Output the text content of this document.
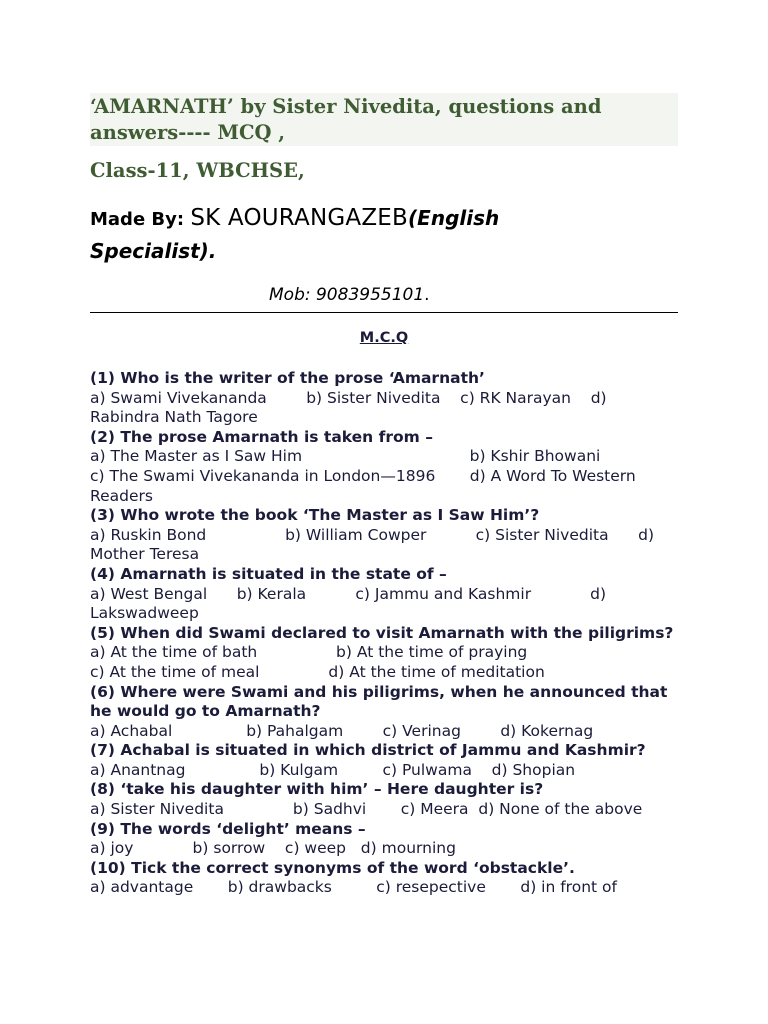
‘AMARNATH’ by Sister Nivedita, questions and answers---- MCQ ,
Class-11, WBCHSE,
Made By: SK AOURANGAZEB(English
Specialist).
Mob: 9083955101.
M.C.Q
(1) Who is the writer of the prose ‘Amarnath’
a) Swami Vivekananda        b) Sister Nivedita    c) RK Narayan    d)
Rabindra Nath Tagore
(2) The prose Amarnath is taken from –
a) The Master as I Saw Him                                  b) Kshir Bhowani
c) The Swami Vivekananda in London—1896       d) A Word To Western
Readers
(3) Who wrote the book ‘The Master as I Saw Him’?
a) Ruskin Bond                b) William Cowper          c) Sister Nivedita      d)
Mother Teresa
(4) Amarnath is situated in the state of –
a) West Bengal      b) Kerala          c) Jammu and Kashmir            d)
Lakswadweep
(5) When did Swami declared to visit Amarnath with the piligrims?
a) At the time of bath                b) At the time of praying
c) At the time of meal              d) At the time of meditation
(6) Where were Swami and his piligrims, when he announced that he would go to Amarnath?
a) Achabal               b) Pahalgam        c) Verinag        d) Kokernag
(7) Achabal is situated in which district of Jammu and Kashmir?
a) Anantnag               b) Kulgam         c) Pulwama    d) Shopian
(8) ‘take his daughter with him’ – Here daughter is?
a) Sister Nivedita              b) Sadhvi       c) Meera  d) None of the above
(9) The words ‘delight’ means –
a) joy            b) sorrow    c) weep   d) mourning
(10) Tick the correct synonyms of the word ‘obstackle’.
a) advantage       b) drawbacks         c) resepective       d) in front of
